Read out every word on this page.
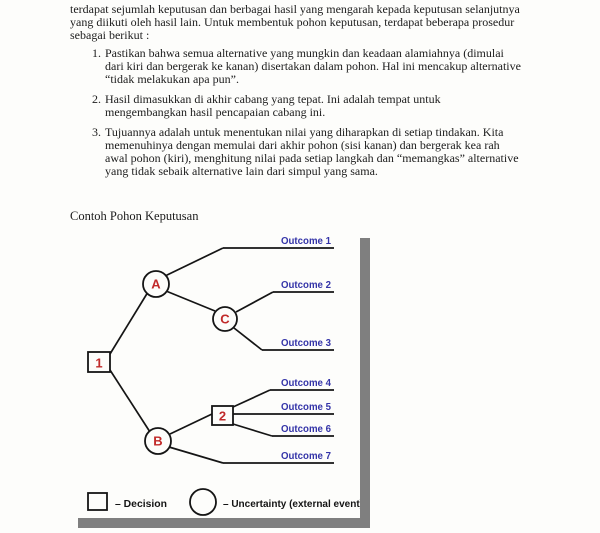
terdapat sejumlah keputusan dan berbagai hasil yang mengarah kepada keputusan selanjutnya yang diikuti oleh hasil lain. Untuk membentuk pohon keputusan, terdapat beberapa prosedur sebagai berikut :
1. Pastikan bahwa semua alternative yang mungkin dan keadaan alamiahnya (dimulai dari kiri dan bergerak ke kanan) disertakan dalam pohon. Hal ini mencakup alternative “tidak melakukan apa pun”.
2. Hasil dimasukkan di akhir cabang yang tepat. Ini adalah tempat untuk mengembangkan hasil pencapaian cabang ini.
3. Tujuannya adalah untuk menentukan nilai yang diharapkan di setiap tindakan. Kita memenuhinya dengan memulai dari akhir pohon (sisi kanan) dan bergerak kea rah awal pohon (kiri), menghitung nilai pada setiap langkah dan “memangkas” alternative yang tidak sebaik alternative lain dari simpul yang sama.
Contoh Pohon Keputusan
Outcome 1
Outcome 2
Outcome 3
Outcome 4
Outcome 5
Outcome 6
Outcome 7
1
A
C
B
2
– Decision	– Uncertainty (external event)
